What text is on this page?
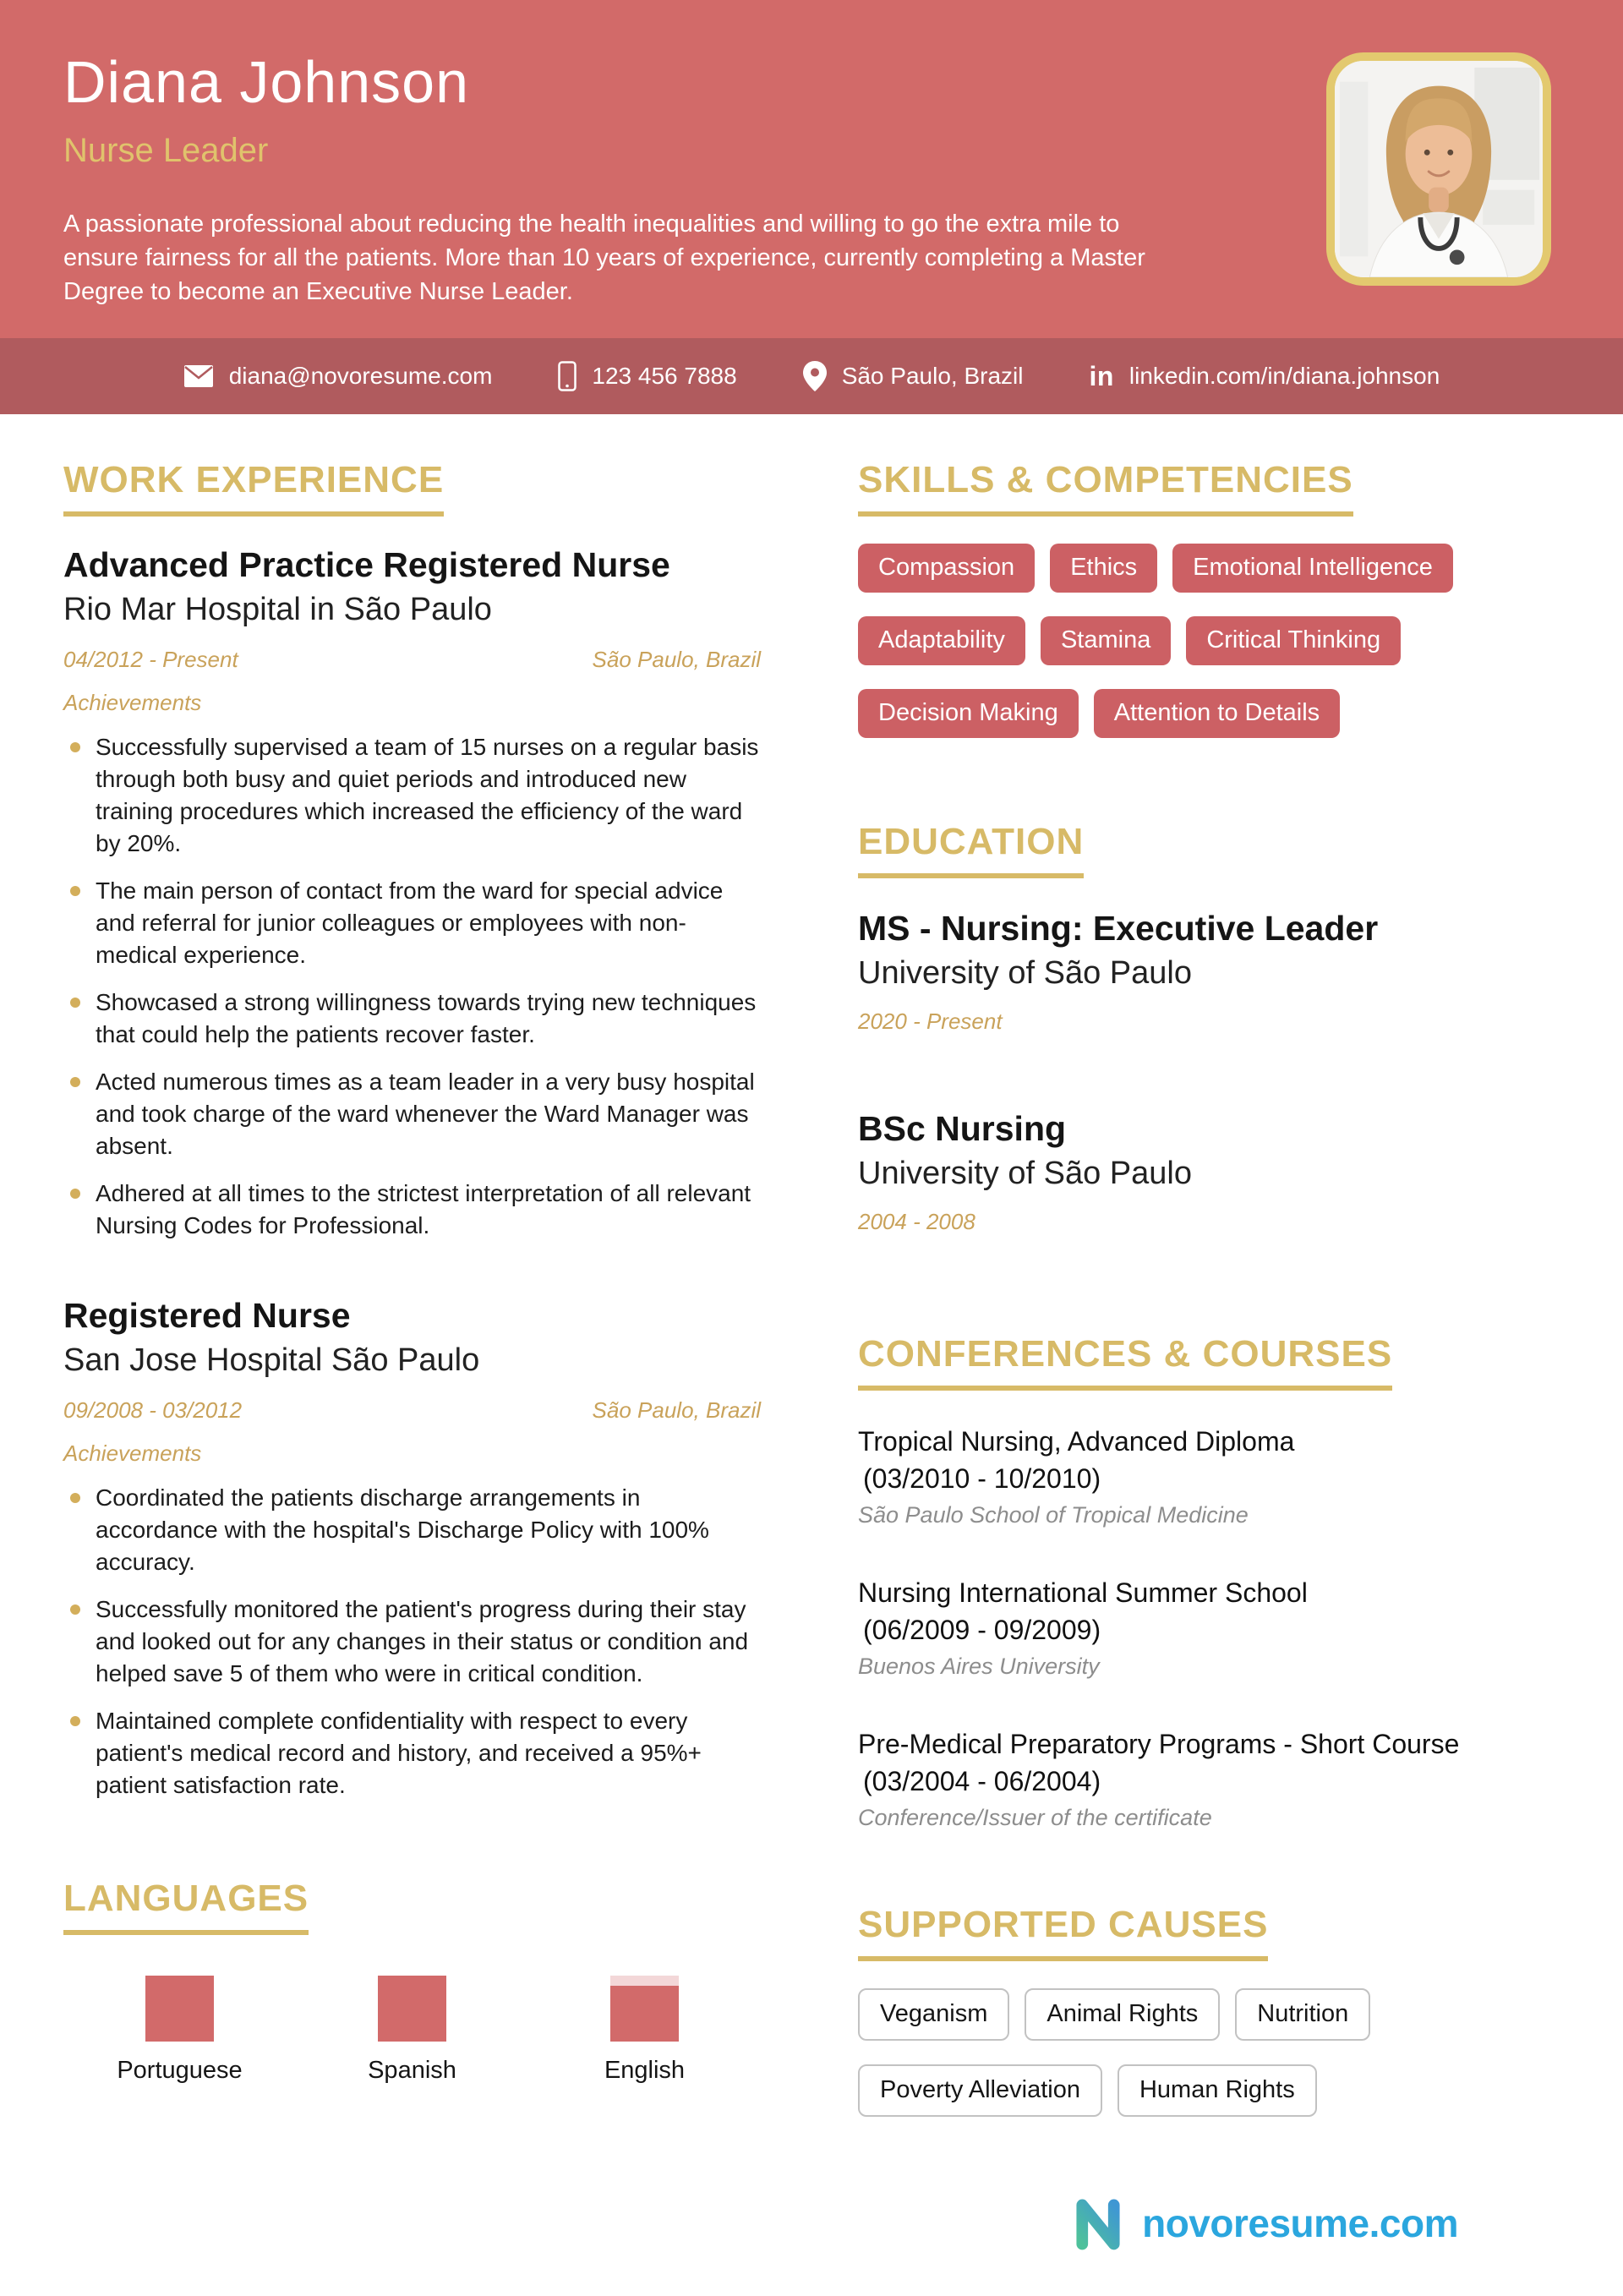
Diana Johnson
Nurse Leader
A passionate professional about reducing the health inequalities and willing to go the extra mile to ensure fairness for all the patients. More than 10 years of experience, currently completing a Master Degree to become an Executive Nurse Leader.
diana@novoresume.com	123 456 7888	São Paulo, Brazil in linkedin.com/in/diana.johnson
WORK EXPERIENCE
Advanced Practice Registered Nurse
Rio Mar Hospital in São Paulo
04/2012 - Present	São Paulo, Brazil
Achievements
Successfully supervised a team of 15 nurses on a regular basis through both busy and quiet periods and introduced new training procedures which increased the efficiency of the ward by 20%.
The main person of contact from the ward for special advice and referral for junior colleagues or employees with non-medical experience.
Showcased a strong willingness towards trying new techniques that could help the patients recover faster.
Acted numerous times as a team leader in a very busy hospital and took charge of the ward whenever the Ward Manager was absent.
Adhered at all times to the strictest interpretation of all relevant Nursing Codes for Professional.
Registered Nurse
San Jose Hospital São Paulo
09/2008 - 03/2012	São Paulo, Brazil
Achievements
Coordinated the patients discharge arrangements in accordance with the hospital's Discharge Policy with 100% accuracy.
Successfully monitored the patient's progress during their stay and looked out for any changes in their status or condition and helped save 5 of them who were in critical condition.
Maintained complete confidentiality with respect to every patient's medical record and history, and received a 95%+ patient satisfaction rate.
LANGUAGES
Portuguese	Spanish	English
SKILLS & COMPETENCIES
Compassion	Ethics	Emotional Intelligence
Adaptability	Stamina	Critical Thinking
Decision Making	Attention to Details
EDUCATION
MS - Nursing: Executive Leader
University of São Paulo
2020 - Present
BSc Nursing
University of São Paulo
2004 - 2008
CONFERENCES & COURSES
Tropical Nursing, Advanced Diploma
(03/2010 - 10/2010)
São Paulo School of Tropical Medicine
Nursing International Summer School
(06/2009 - 09/2009)
Buenos Aires University
Pre-Medical Preparatory Programs - Short Course
(03/2004 - 06/2004)
Conference/Issuer of the certificate
SUPPORTED CAUSES
Veganism	Animal Rights	Nutrition
Poverty Alleviation	Human Rights
novoresume.com
